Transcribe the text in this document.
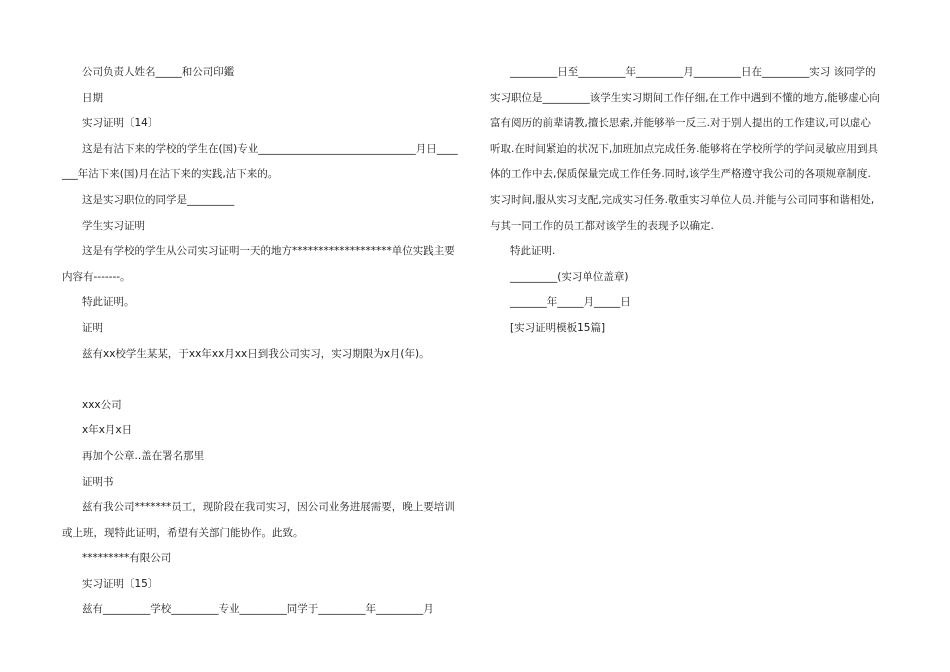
公司负责人姓名_____和公司印鑑

日期

实习证明〔14〕

这是有沽下来的学校的学生在(国)专业______________________________月日_______年沽下来(国)月在沽下来的实践,沽下来的。

这是实习职位的同学是_________

学生实习证明

这是有学校的学生从公司实习证明一天的地方*******************单位实践主要内容有-------。

特此证明。

证明

兹有xx校学生某某，于xx年xx月xx日到我公司实习，实习期限为x月(年)。

xxx公司

x年x月x日

再加个公章..盖在署名那里

证明书

兹有我公司*******员工，现阶段在我司实习，因公司业务进展需要，晚上要培训或上班，现特此证明，希望有关部门能协作。此致。

*********有限公司

实习证明〔15〕

兹有_________学校_________专业_________同学于_________年_________月

_________日至_________年_________月_________日在_________实习 该同学的实习职位是_________该学生实习期间工作仔细,在工作中遇到不懂的地方,能够虚心向富有阅历的前辈请教,擅长思索,并能够举一反三.对于别人提出的工作建议,可以虚心听取.在时间紧迫的状况下,加班加点完成任务.能够将在学校所学的学问灵敏应用到具体的工作中去,保质保量完成工作任务.同时,该学生严格遵守我公司的各项规章制度.实习时间,服从实习支配,完成实习任务.敬重实习单位人员.并能与公司同事和谐相处,与其一同工作的员工都对该学生的表现予以确定.

特此证明.

_________(实习单位盖章)

_______年_____月_____日

[实习证明模板15篇]
